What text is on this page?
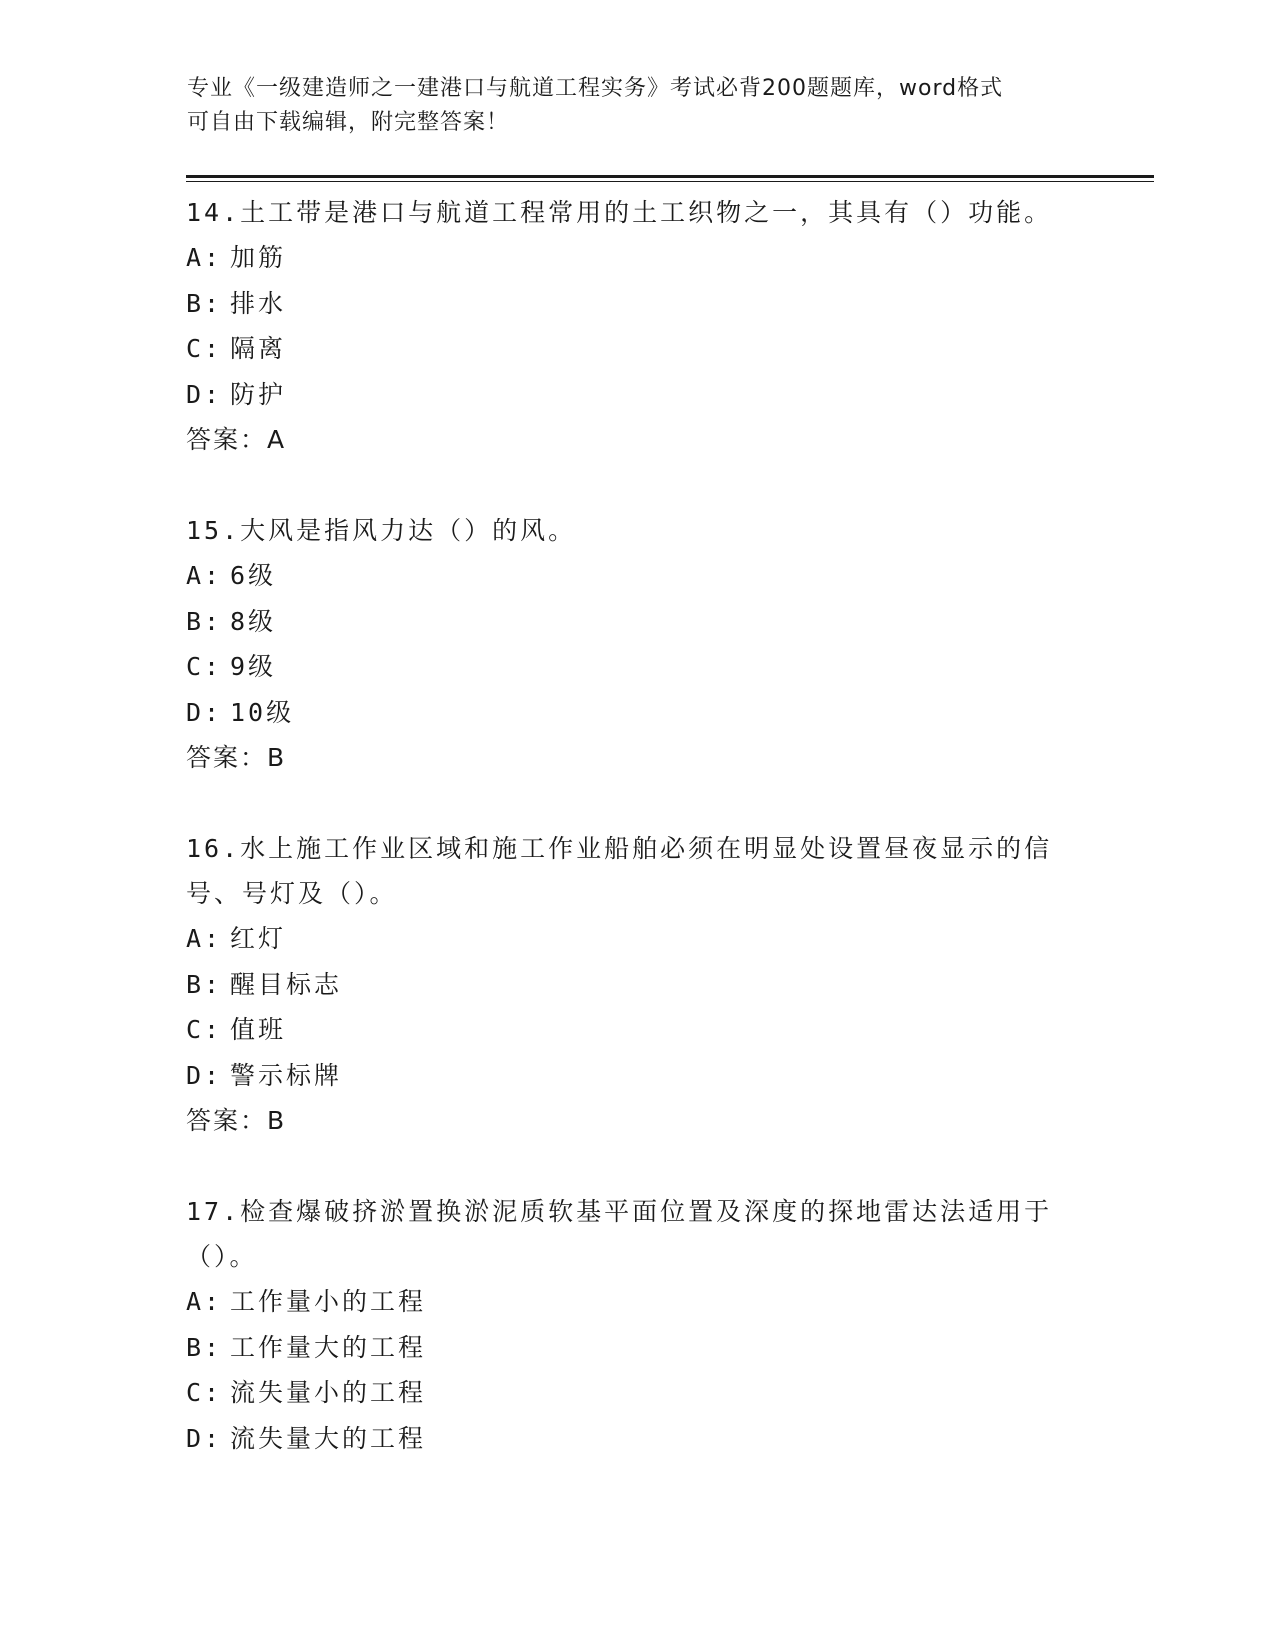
专业《一级建造师之一建港口与航道工程实务》考试必背200题题库，word格式
可自由下载编辑，附完整答案！
14.土工带是港口与航道工程常用的土工织物之一，其具有（）功能。
A: 加筋
B: 排水
C: 隔离
D: 防护
答案：A
15.大风是指风力达（）的风。
A: 6级
B: 8级
C: 9级
D: 10级
答案：B
16.水上施工作业区域和施工作业船舶必须在明显处设置昼夜显示的信号、号灯及（）。
A: 红灯
B: 醒目标志
C: 值班
D: 警示标牌
答案：B
17.检查爆破挤淤置换淤泥质软基平面位置及深度的探地雷达法适用于（）。
A: 工作量小的工程
B: 工作量大的工程
C: 流失量小的工程
D: 流失量大的工程
